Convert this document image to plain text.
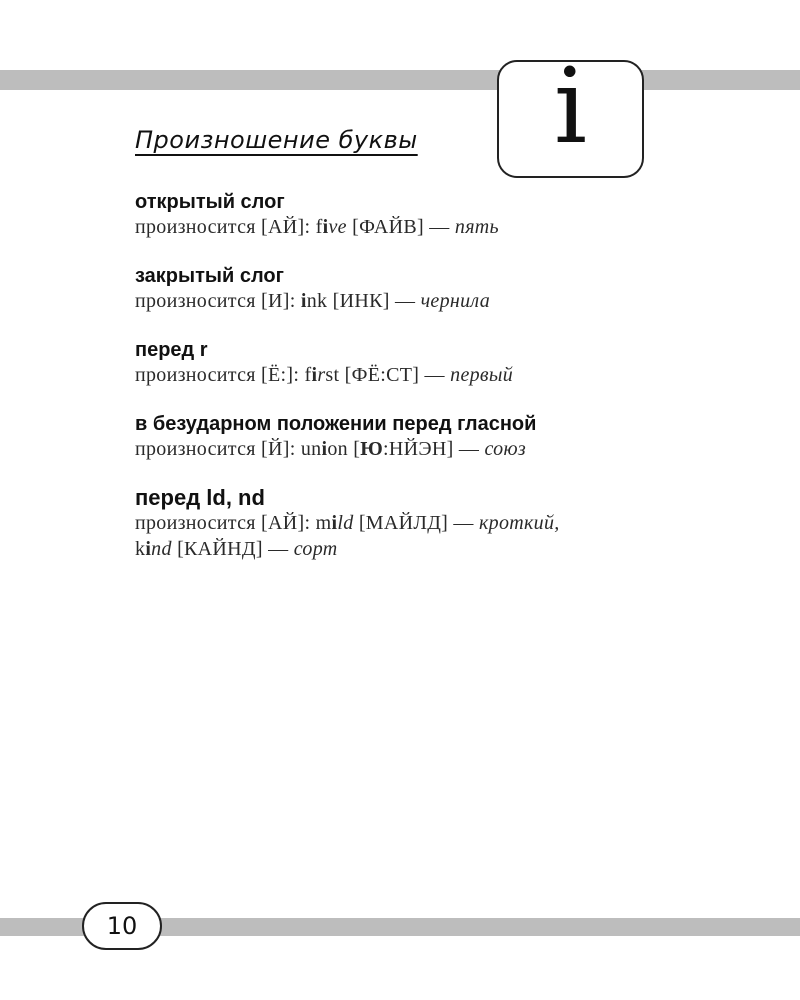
i
Произношение буквы
открытый слог
произносится [АЙ]: five [ФАЙВ] — пять
закрытый слог
произносится [И]: ink [ИНК] — чернила
перед r
произносится [Ё:]: first [ФЁ:СТ] — первый
в безударном положении перед гласной
произносится [Й]: union [Ю:НЙЭН] — союз
перед ld, nd
произносится [АЙ]: mild [МАЙЛД] — кроткий,
kind [КАЙНД] — сорт
10
